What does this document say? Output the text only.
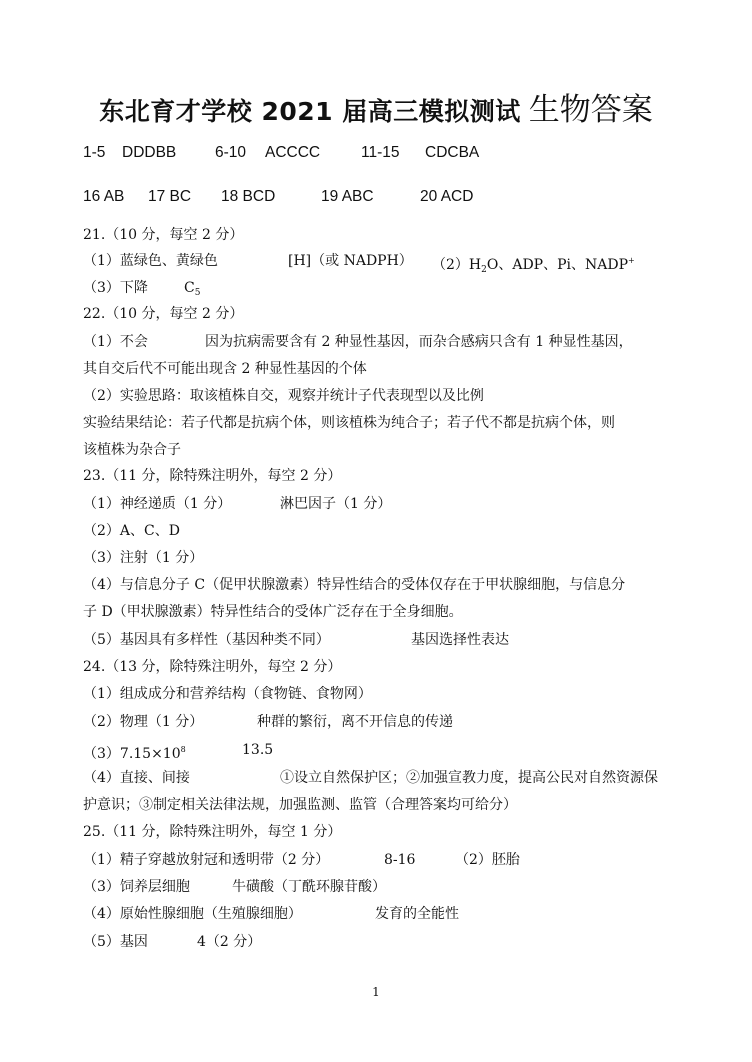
东北育才学校 2021 届高三模拟测试 生物答案
1-5 DDDBB 6-10 ACCCC	11-15 CDCBA
16 AB 17 BC 18 BCD	19 ABC	20 ACD
21.（10 分，每空 2 分）
（1）蓝绿色、黄绿色	[H]（或 NADPH） $(2)H_2O$、ADP、Pi、NADP+
（3）下降	$C_5$
22.（10 分，每空 2 分）
（1）不会	因为抗病需要含有 2 种显性基因，而杂合感病只含有 1 种显性基因，
其自交后代不可能出现含 2 种显性基因的个体
（2）实验思路：取该植株自交，观察并统计子代表现型以及比例
实验结果结论：若子代都是抗病个体，则该植株为纯合子；若子代不都是抗病个体，则
该植株为杂合子
23.（11 分，除特殊注明外，每空 2 分）
（1）神经递质（1 分）	淋巴因子（1 分）
（2）A、C、D
（3）注射（1 分）
（4）与信息分子 C（促甲状腺激素）特异性结合的受体仅存在于甲状腺细胞，与信息分
子 D（甲状腺激素）特异性结合的受体广泛存在于全身细胞。
（5）基因具有多样性（基因种类不同）	基因选择性表达
24.（13 分，除特殊注明外，每空 2 分）
（1）组成成分和营养结构（食物链、食物网）
（2）物理（1 分）	种群的繁衍，离不开信息的传递
$(3)7.15\times 10^8$	13.5
（4）直接、间接	①设立自然保护区；②加强宣教力度，提高公民对自然资源保
护意识；③制定相关法律法规，加强监测、监管（合理答案均可给分）
25.（11 分，除特殊注明外，每空 1 分）
（1）精子穿越放射冠和透明带（2 分）	8-16	（2）胚胎
（3）饲养层细胞	牛磺酸（丁酰环腺苷酸）
（4）原始性腺细胞（生殖腺细胞）	发育的全能性
（5）基因	4（2 分）
1
